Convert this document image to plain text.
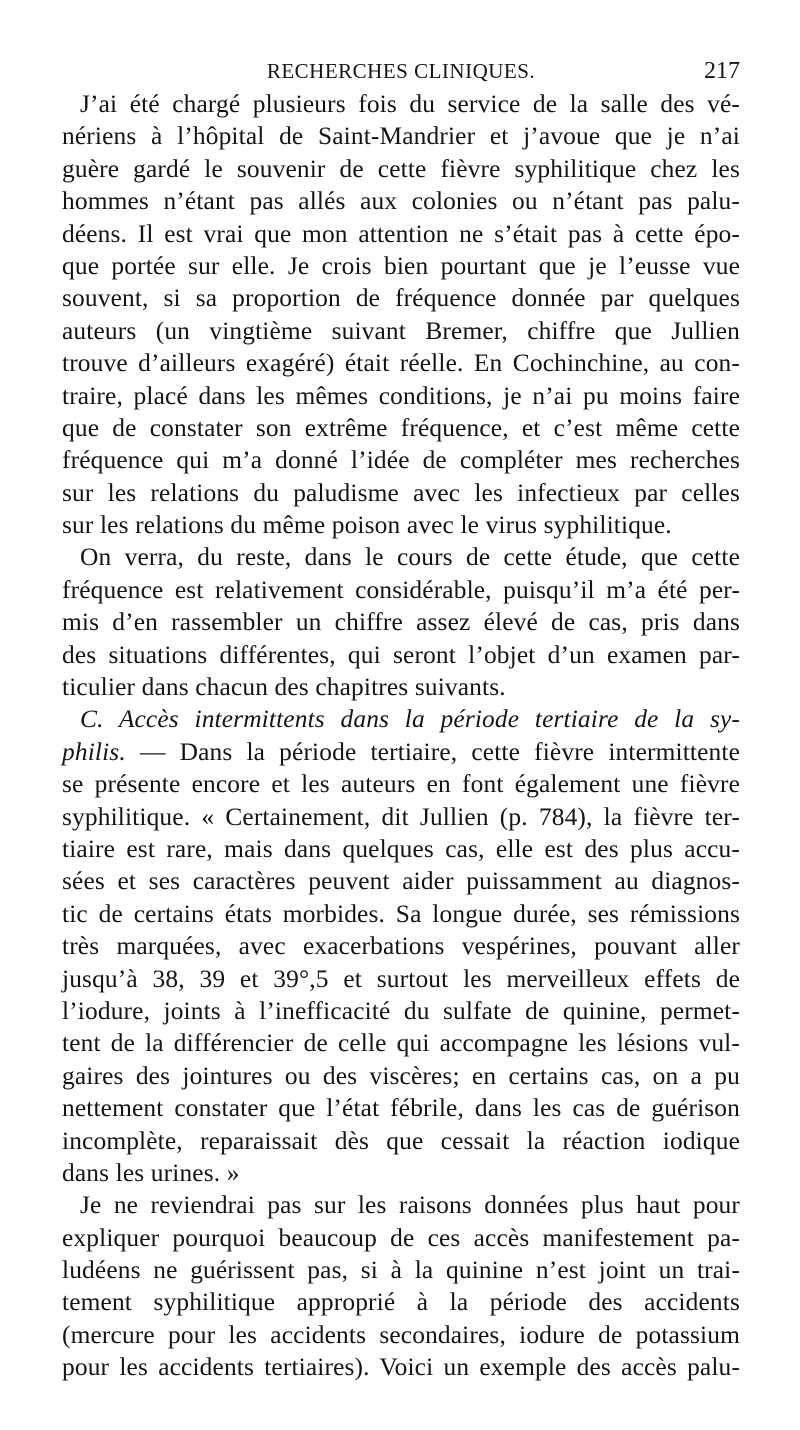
RECHERCHES CLINIQUES.	217
J’ai été chargé plusieurs fois du service de la salle des vé-
nériens à l’hôpital de Saint-Mandrier et j’avoue que je n’ai
guère gardé le souvenir de cette fièvre syphilitique chez les
hommes n’étant pas allés aux colonies ou n’étant pas palu-
déens. Il est vrai que mon attention ne s’était pas à cette épo-
que portée sur elle. Je crois bien pourtant que je l’eusse vue
souvent, si sa proportion de fréquence donnée par quelques
auteurs (un vingtième suivant Bremer, chiffre que Jullien
trouve d’ailleurs exagéré) était réelle. En Cochinchine, au con-
traire, placé dans les mêmes conditions, je n’ai pu moins faire
que de constater son extrême fréquence, et c’est même cette
fréquence qui m’a donné l’idée de compléter mes recherches
sur les relations du paludisme avec les infectieux par celles
sur les relations du même poison avec le virus syphilitique.
On verra, du reste, dans le cours de cette étude, que cette
fréquence est relativement considérable, puisqu’il m’a été per-
mis d’en rassembler un chiffre assez élevé de cas, pris dans
des situations différentes, qui seront l’objet d’un examen par-
ticulier dans chacun des chapitres suivants.
C. Accès intermittents dans la période tertiaire de la sy-
philis. — Dans la période tertiaire, cette fièvre intermittente
se présente encore et les auteurs en font également une fièvre
syphilitique. « Certainement, dit Jullien (p. 784), la fièvre ter-
tiaire est rare, mais dans quelques cas, elle est des plus accu-
sées et ses caractères peuvent aider puissamment au diagnos-
tic de certains états morbides. Sa longue durée, ses rémissions
très marquées, avec exacerbations vespérines, pouvant aller
jusqu’à 38, 39 et 39°,5 et surtout les merveilleux effets de
l’iodure, joints à l’inefficacité du sulfate de quinine, permet-
tent de la différencier de celle qui accompagne les lésions vul-
gaires des jointures ou des viscères; en certains cas, on a pu
nettement constater que l’état fébrile, dans les cas de guérison
incomplète, reparaissait dès que cessait la réaction iodique
dans les urines. »
Je ne reviendrai pas sur les raisons données plus haut pour
expliquer pourquoi beaucoup de ces accès manifestement pa-
ludéens ne guérissent pas, si à la quinine n’est joint un trai-
tement syphilitique approprié à la période des accidents
(mercure pour les accidents secondaires, iodure de potassium
pour les accidents tertiaires). Voici un exemple des accès palu-
